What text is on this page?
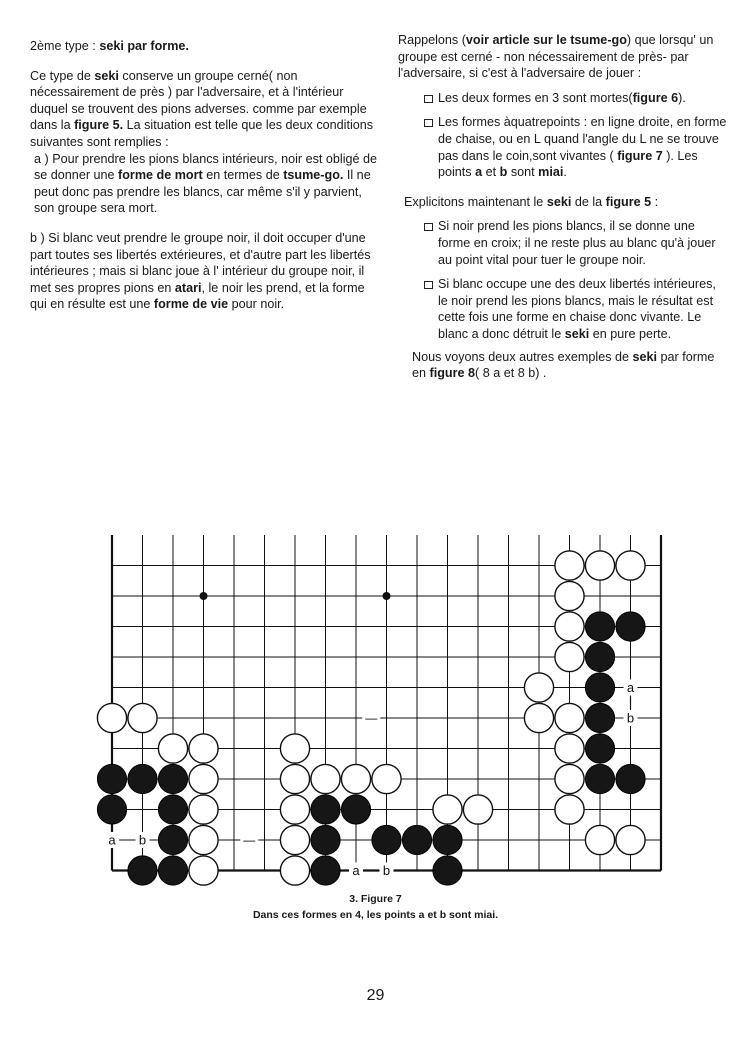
2ème type : seki par forme.

Ce type de seki conserve un groupe cerné( non nécessairement de près ) par l'adversaire, et à l'intérieur duquel se trouvent des pions adverses. comme par exemple dans la figure 5. La situation est telle que les deux conditions suivantes sont remplies :

a ) Pour prendre les pions blancs intérieurs, noir est obligé de se donner une forme de mort en termes de tsume-go. Il ne peut donc pas prendre les blancs, car même s'il y parvient, son groupe sera mort.

b ) Si blanc veut prendre le groupe noir, il doit occuper d'une part toutes ses libertés extérieures, et d'autre part les libertés intérieures ; mais si blanc joue à l' intérieur du groupe noir, il met ses propres pions en atari, le noir les prend, et la forme qui en résulte est une forme de vie pour noir.

Rappelons (voir article sur le tsume-go) que lorsqu' un groupe est cerné - non nécessairement de près- par l'adversaire, si c'est à l'adversaire de jouer :

Les deux formes en 3 sont mortes(figure 6).

Les formes àquatrepoints : en ligne droite, en forme de chaise, ou en L quand l'angle du L ne se trouve pas dans le coin,sont vivantes ( figure 7 ). Les points a et b sont miai.

Explicitons maintenant le seki de la figure 5 :

Si noir prend les pions blancs, il se donne une forme en croix; il ne reste plus au blanc qu'à jouer au point vital pour tuer le groupe noir.

Si blanc occupe une des deux libertés intérieures, le noir prend les pions blancs, mais le résultat est cette fois une forme en chaise donc vivante. Le blanc a donc détruit le seki en pure perte.

Nous voyons deux autres exemples de seki par forme en figure 8( 8 a et 8 b) .

—
—
a
b
a b
a b
3. Figure 7
Dans ces formes en 4, les points a et b sont miai.
29
